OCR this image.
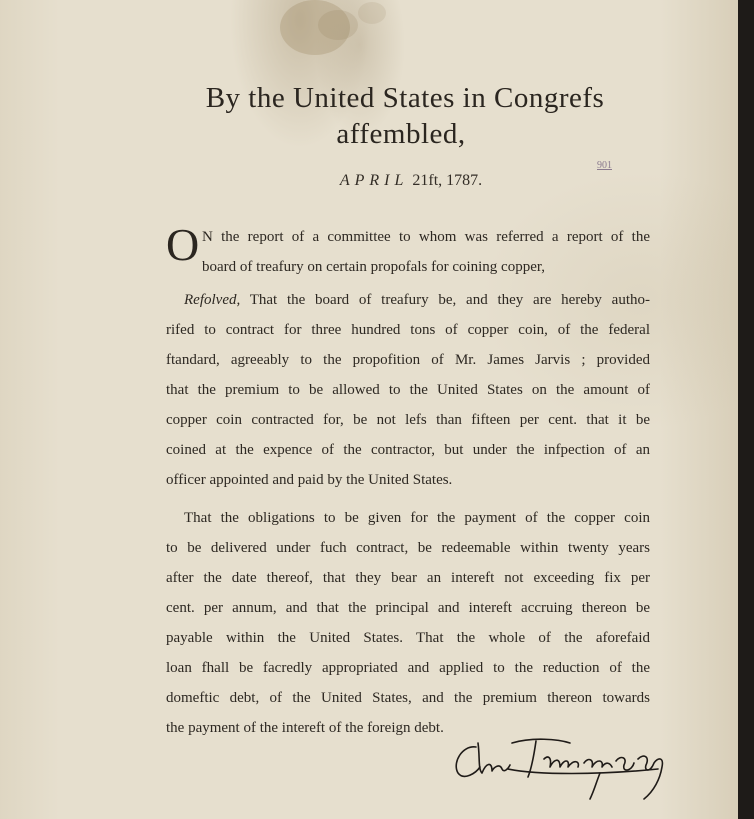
By the United States in Congrefs
affembled,
APRIL 21ft, 1787.
901
O N the report of a committee to whom was referred a report of the
board of treafury on certain propofals for coining copper,
Refolved, That the board of treafury be, and they are hereby autho-
rifed to contract for three hundred tons of copper coin, of the federal
ftandard, agreeably to the propofition of Mr. James Jarvis ; provided
that the premium to be allowed to the United States on the amount of
copper coin contracted for, be not lefs than fifteen per cent. that it be
coined at the expence of the contractor, but under the infpection of an
officer appointed and paid by the United States.
That the obligations to be given for the payment of the copper coin
to be delivered under fuch contract, be redeemable within twenty years
after the date thereof, that they bear an intereft not exceeding fix per
cent. per annum, and that the principal and intereft accruing thereon be
payable within the United States. That the whole of the aforefaid
loan fhall be facredly appropriated and applied to the reduction of the
domeftic debt, of the United States, and the premium thereon towards
the payment of the intereft of the foreign debt.
